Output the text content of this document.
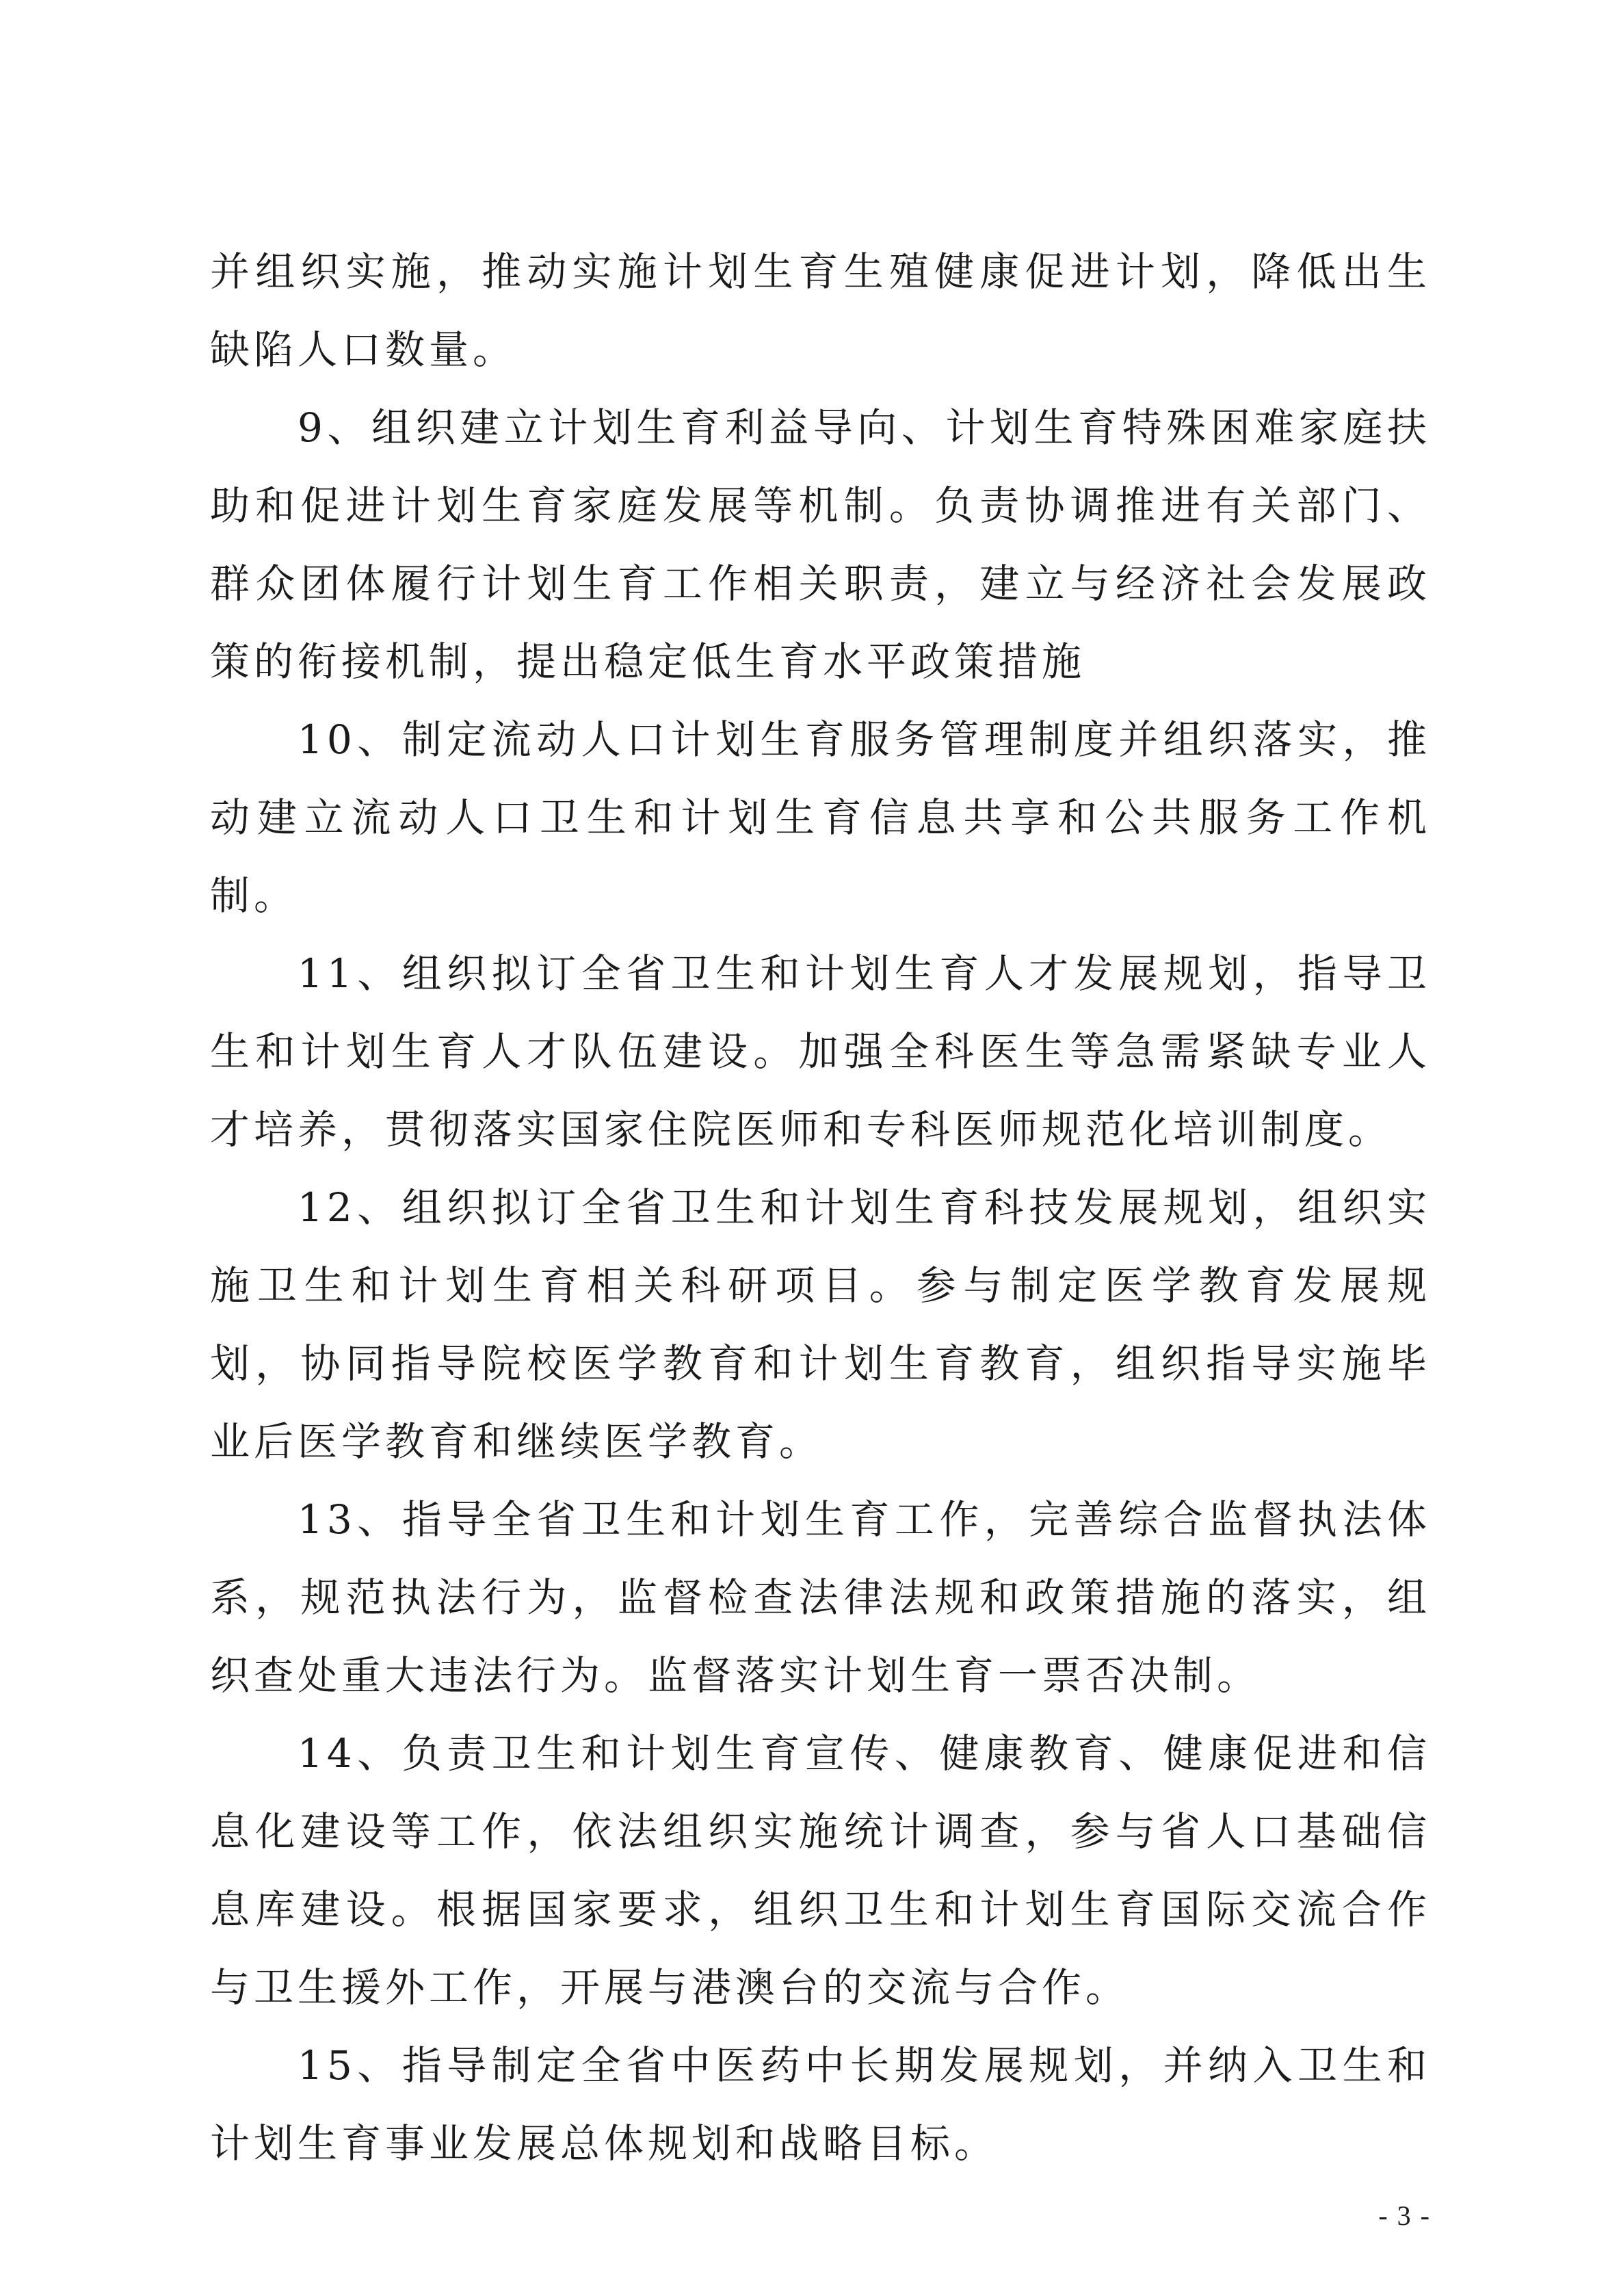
并组织实施，推动实施计划生育生殖健康促进计划，降低出生缺陷人口数量。

9、组织建立计划生育利益导向、计划生育特殊困难家庭扶助和促进计划生育家庭发展等机制。负责协调推进有关部门、群众团体履行计划生育工作相关职责，建立与经济社会发展政策的衔接机制，提出稳定低生育水平政策措施

10、制定流动人口计划生育服务管理制度并组织落实，推动建立流动人口卫生和计划生育信息共享和公共服务工作机制。

11、组织拟订全省卫生和计划生育人才发展规划，指导卫生和计划生育人才队伍建设。加强全科医生等急需紧缺专业人才培养，贯彻落实国家住院医师和专科医师规范化培训制度。

12、组织拟订全省卫生和计划生育科技发展规划，组织实施卫生和计划生育相关科研项目。参与制定医学教育发展规划，协同指导院校医学教育和计划生育教育，组织指导实施毕业后医学教育和继续医学教育。

13、指导全省卫生和计划生育工作，完善综合监督执法体系，规范执法行为，监督检查法律法规和政策措施的落实，组织查处重大违法行为。监督落实计划生育一票否决制。

14、负责卫生和计划生育宣传、健康教育、健康促进和信息化建设等工作，依法组织实施统计调查，参与省人口基础信息库建设。根据国家要求，组织卫生和计划生育国际交流合作与卫生援外工作，开展与港澳台的交流与合作。

15、指导制定全省中医药中长期发展规划，并纳入卫生和计划生育事业发展总体规划和战略目标。

- 3 -
